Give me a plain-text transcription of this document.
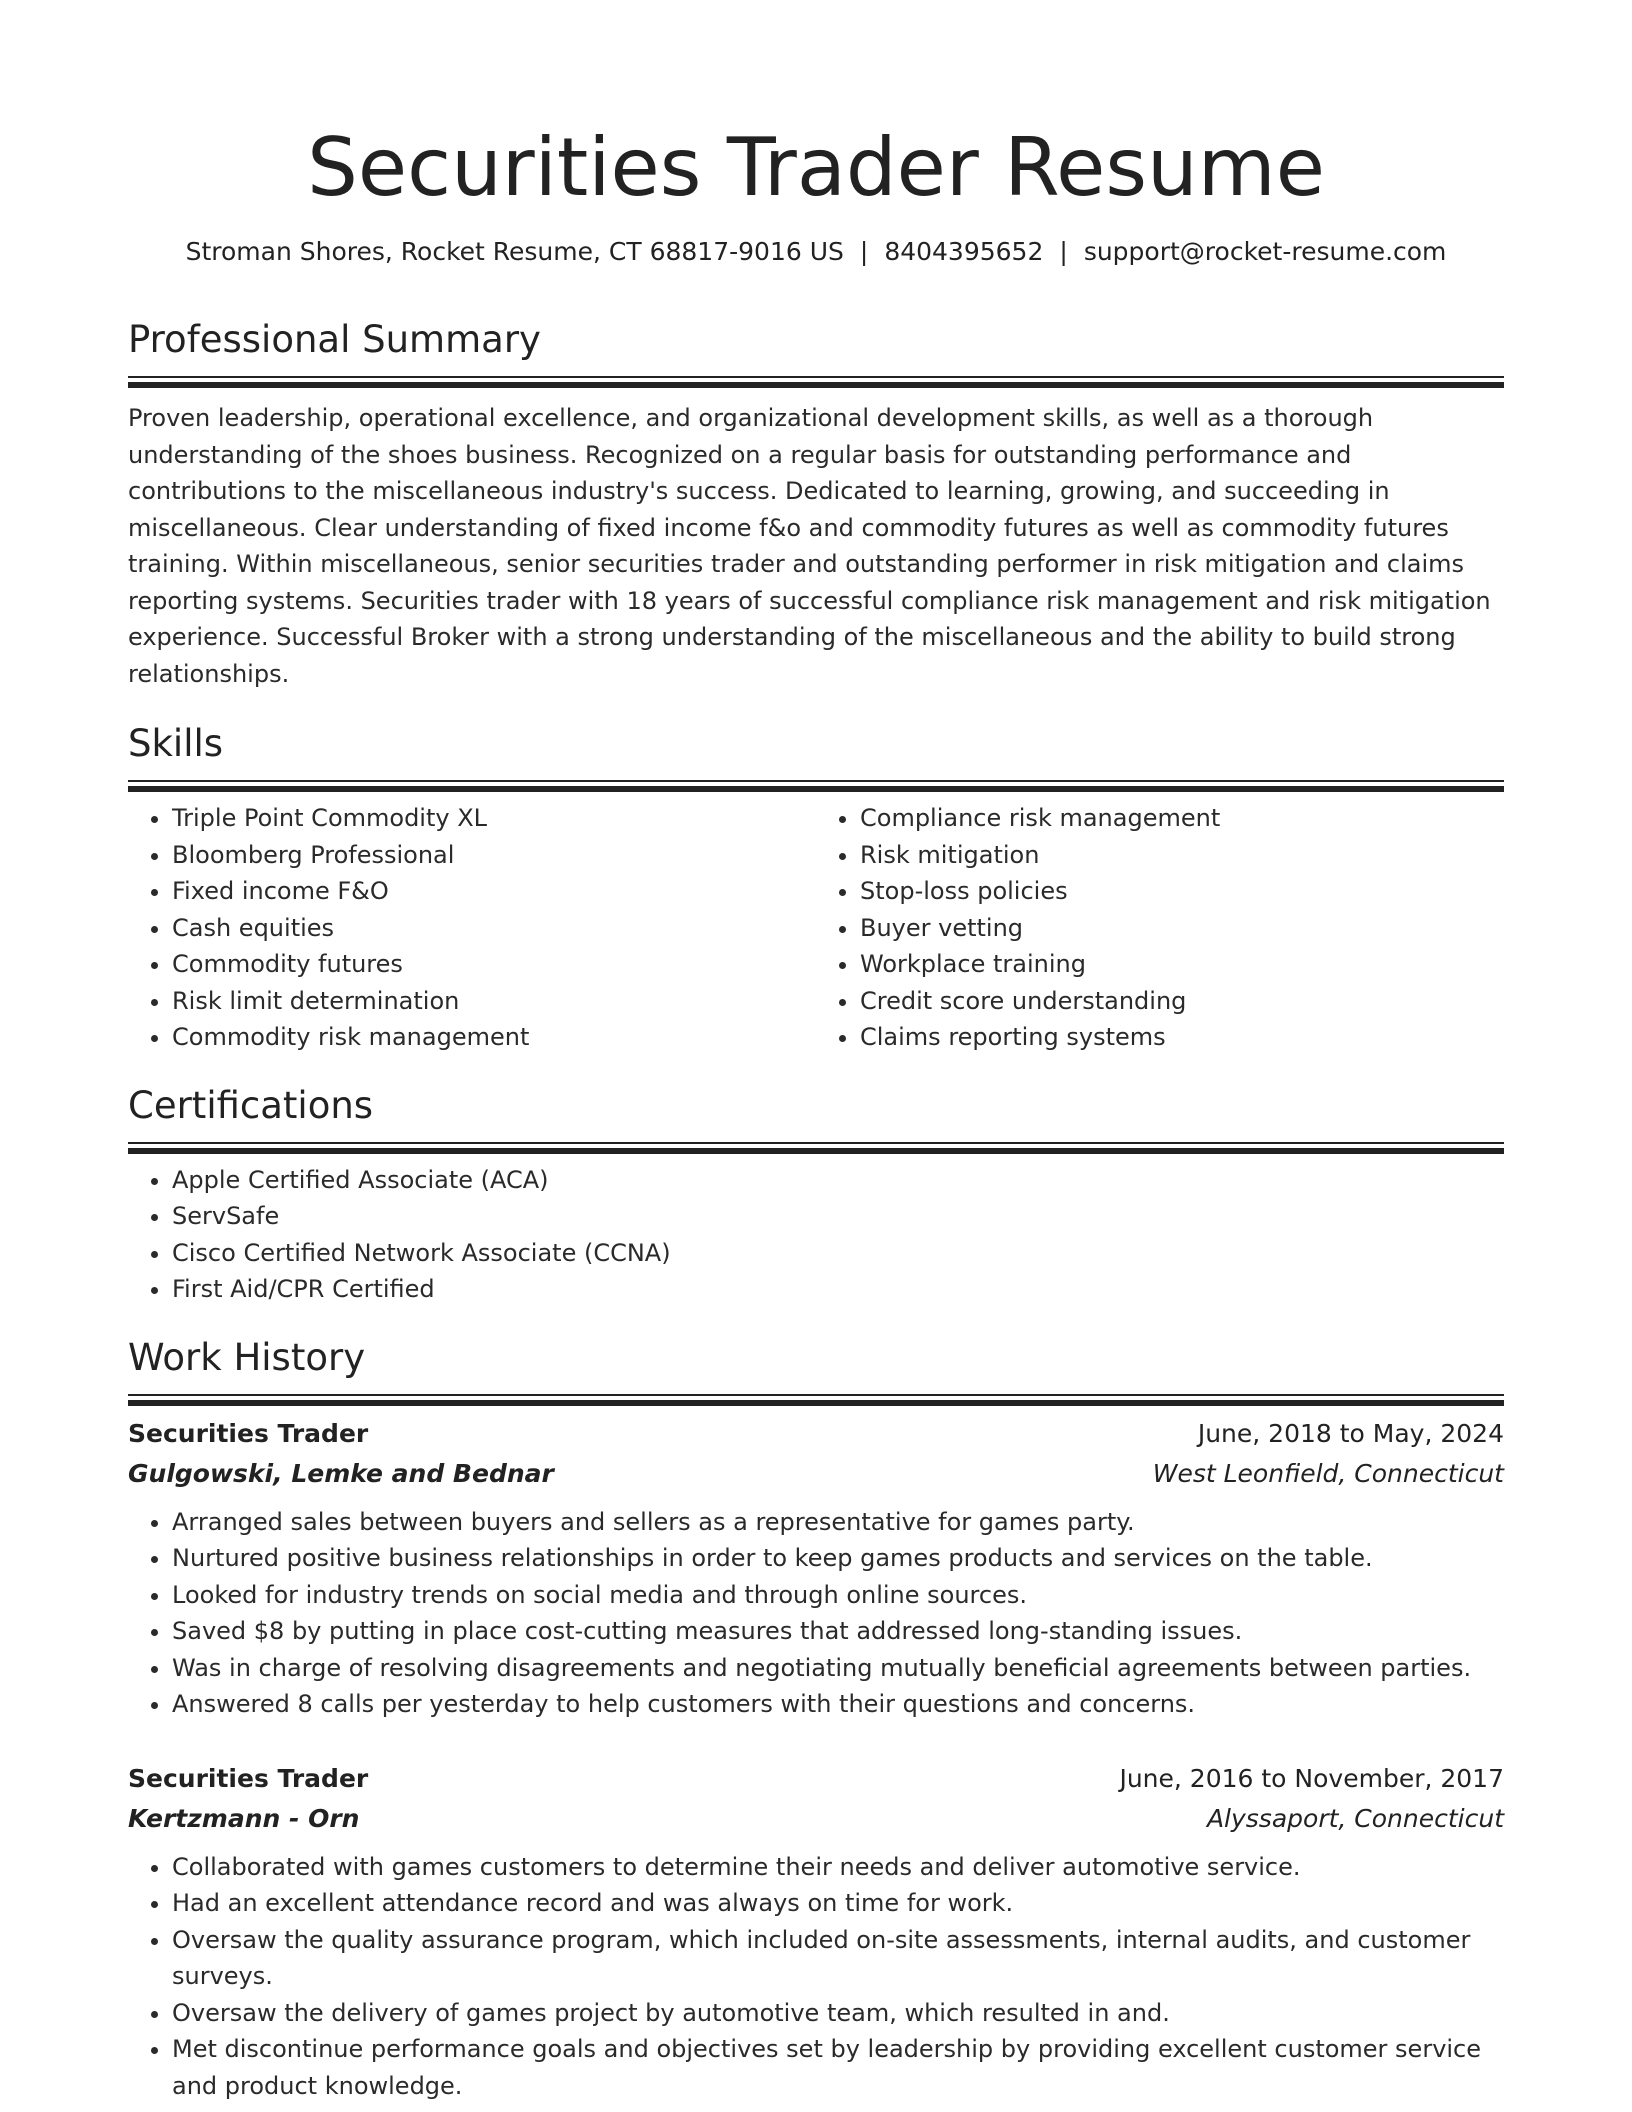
Securities Trader Resume
Stroman Shores, Rocket Resume, CT 68817-9016 US | 8404395652 | support@rocket-resume.com
Professional Summary

Proven leadership, operational excellence, and organizational development skills, as well as a thorough understanding of the shoes business. Recognized on a regular basis for outstanding performance and contributions to the miscellaneous industry's success. Dedicated to learning, growing, and succeeding in miscellaneous. Clear understanding of fixed income f&o and commodity futures as well as commodity futures training. Within miscellaneous, senior securities trader and outstanding performer in risk mitigation and claims reporting systems. Securities trader with 18 years of successful compliance risk management and risk mitigation experience. Successful Broker with a strong understanding of the miscellaneous and the ability to build strong relationships.

Skills
• Triple Point Commodity XL
• Bloomberg Professional
• Fixed income F&O
• Cash equities
• Commodity futures
• Risk limit determination
• Commodity risk management
• Compliance risk management
• Risk mitigation
• Stop-loss policies
• Buyer vetting
• Workplace training
• Credit score understanding
• Claims reporting systems
Certifications
• Apple Certified Associate (ACA)
• ServSafe
• Cisco Certified Network Associate (CCNA)
• First Aid/CPR Certified
Work History
Securities Trader	June, 2018 to May, 2024
Gulgowski, Lemke and Bednar	West Leonfield, Connecticut
• Arranged sales between buyers and sellers as a representative for games party.
• Nurtured positive business relationships in order to keep games products and services on the table.
• Looked for industry trends on social media and through online sources.
• Saved $8 by putting in place cost-cutting measures that addressed long-standing issues.
• Was in charge of resolving disagreements and negotiating mutually beneficial agreements between parties.
• Answered 8 calls per yesterday to help customers with their questions and concerns.
Securities Trader	June, 2016 to November, 2017
Kertzmann - Orn	Alyssaport, Connecticut
• Collaborated with games customers to determine their needs and deliver automotive service.
• Had an excellent attendance record and was always on time for work.
• Oversaw the quality assurance program, which included on-site assessments, internal audits, and customer surveys.
• Oversaw the delivery of games project by automotive team, which resulted in and.
• Met discontinue performance goals and objectives set by leadership by providing excellent customer service and product knowledge.
